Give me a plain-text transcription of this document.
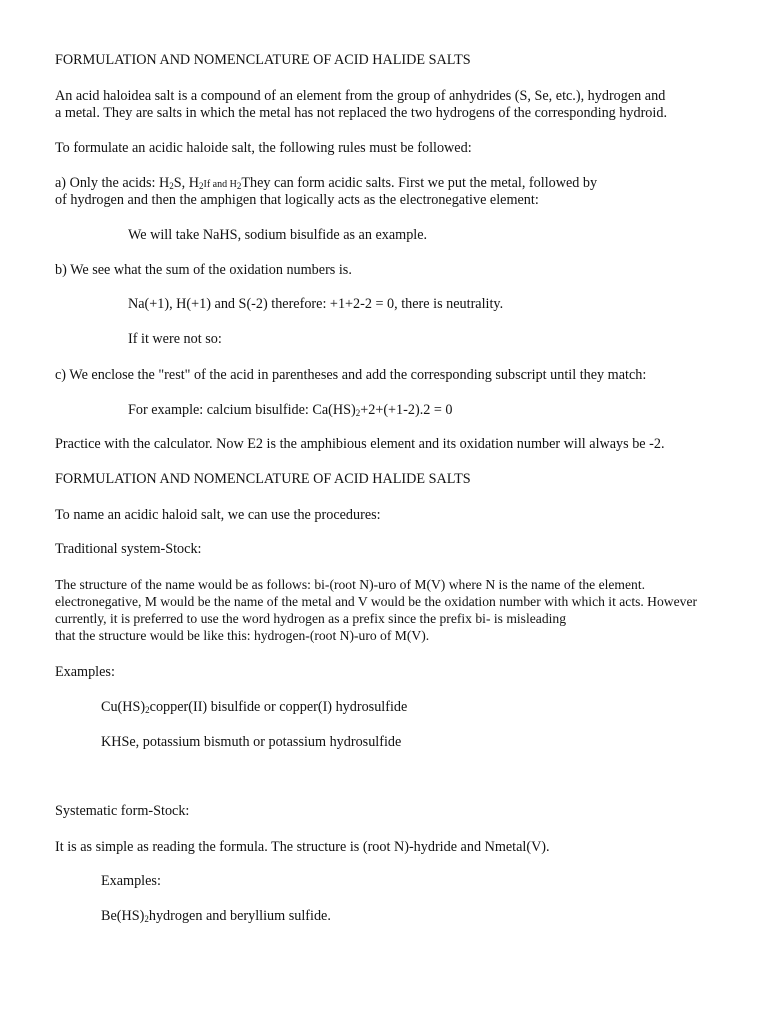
FORMULATION AND NOMENCLATURE OF ACID HALIDE SALTS
An acid haloidea salt is a compound of an element from the group of anhydrides (S, Se, etc.), hydrogen and
a metal. They are salts in which the metal has not replaced the two hydrogens of the corresponding hydroid.
To formulate an acidic haloide salt, the following rules must be followed:
a) Only the acids: $H_2S$, $H_2If$ and $H_2They$ can form acidic salts. First we put the metal, followed by
of hydrogen and then the amphigen that logically acts as the electronegative element:
We will take NaHS, sodium bisulfide as an example.
b) We see what the sum of the oxidation numbers is.
Na(+1), H(+1) and S(-2) therefore: +1+2-2 = 0, there is neutrality.
If it were not so:
c) We enclose the "rest" of the acid in parentheses and add the corresponding subscript until they match:
For example: calcium bisulfide: $Ca(HS)_2+2+(+1-2).2 = 0$
Practice with the calculator. Now E2 is the amphibious element and its oxidation number will always be -2.
FORMULATION AND NOMENCLATURE OF ACID HALIDE SALTS
To name an acidic haloid salt, we can use the procedures:
Traditional system-Stock:
The structure of the name would be as follows: bi-(root N)-uro of M(V) where N is the name of the element.
electronegative, M would be the name of the metal and V would be the oxidation number with which it acts. However
currently, it is preferred to use the word hydrogen as a prefix since the prefix bi- is misleading
that the structure would be like this: hydrogen-(root N)-uro of M(V).
Examples:
$Cu(HS)_2copper(II)$ bisulfide or copper(I) hydrosulfide
KHSe, potassium bismuth or potassium hydrosulfide
Systematic form-Stock:
It is as simple as reading the formula. The structure is (root N)-hydride and Nmetal(V).
Examples:
$Be(HS)_2hydrogen$ and beryllium sulfide.
